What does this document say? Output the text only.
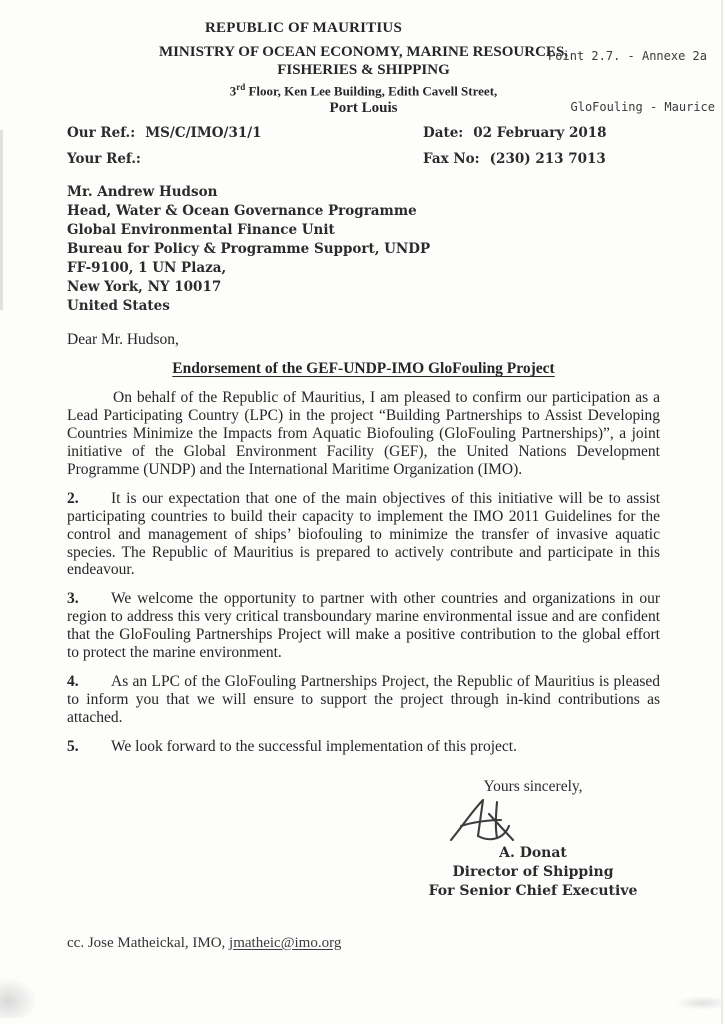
Point 2.7. - Annexe 2a

GloFouling - Maurice

REPUBLIC OF MAURITIUS
MINISTRY OF OCEAN ECONOMY, MARINE RESOURCES,
FISHERIES & SHIPPING
3rd Floor, Ken Lee Building, Edith Cavell Street,
Port Louis
Our Ref.: MS/C/IMO/31/1
Your Ref.:
Date: 02 February 2018
Fax No: (230) 213 7013
Mr. Andrew Hudson
Head, Water & Ocean Governance Programme
Global Environmental Finance Unit
Bureau for Policy & Programme Support, UNDP
FF-9100, 1 UN Plaza,
New York, NY 10017
United States
Dear Mr. Hudson,
Endorsement of the GEF-UNDP-IMO GloFouling Project

On behalf of the Republic of Mauritius, I am pleased to confirm our participation as a Lead Participating Country (LPC) in the project “Building Partnerships to Assist Developing Countries Minimize the Impacts from Aquatic Biofouling (GloFouling Partnerships)”, a joint initiative of the Global Environment Facility (GEF), the United Nations Development Programme (UNDP) and the International Maritime Organization (IMO).

2. It is our expectation that one of the main objectives of this initiative will be to assist participating countries to build their capacity to implement the IMO 2011 Guidelines for the control and management of ships’ biofouling to minimize the transfer of invasive aquatic species. The Republic of Mauritius is prepared to actively contribute and participate in this endeavour.

3. We welcome the opportunity to partner with other countries and organizations in our region to address this very critical transboundary marine environmental issue and are confident that the GloFouling Partnerships Project will make a positive contribution to the global effort to protect the marine environment.

4. As an LPC of the GloFouling Partnerships Project, the Republic of Mauritius is pleased to inform you that we will ensure to support the project through in-kind contributions as attached.

5. We look forward to the successful implementation of this project.

Yours sincerely,
A. Donat
Director of Shipping
For Senior Chief Executive
cc. Jose Matheickal, IMO, jmatheic@imo.org
